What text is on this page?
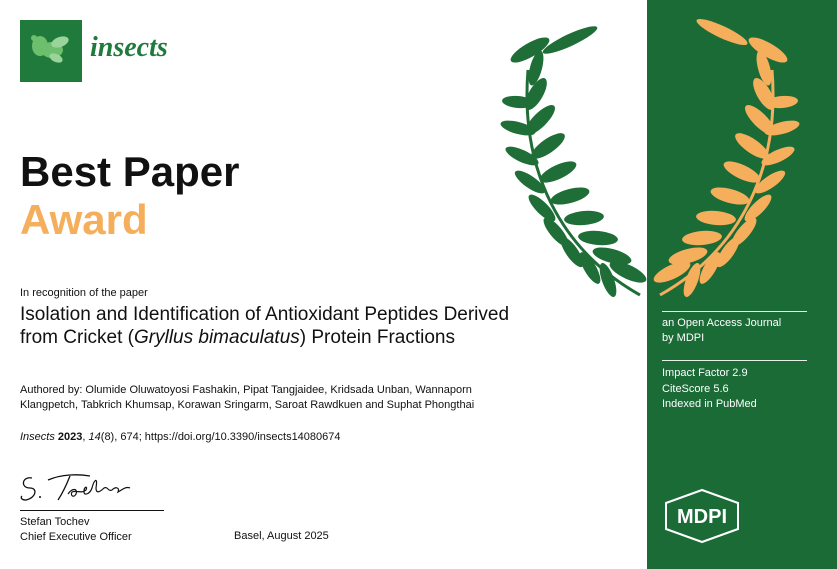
insects
Best Paper
Award
In recognition of the paper
Isolation and Identification of Antioxidant Peptides Derived from Cricket (Gryllus bimaculatus) Protein Fractions
Authored by: Olumide Oluwatoyosi Fashakin, Pipat Tangjaidee, Kridsada Unban, Wannaporn Klangpetch, Tabkrich Khumsap, Korawan Sringarm, Saroat Rawdkuen and Suphat Phongthai
Insects 2023, 14(8), 674; https://doi.org/10.3390/insects14080674
Stefan Tochev
Chief Executive Officer	Basel, August 2025
an Open Access Journal
by MDPI
Impact Factor 2.9
CiteScore 5.6
Indexed in PubMed
MDPI
